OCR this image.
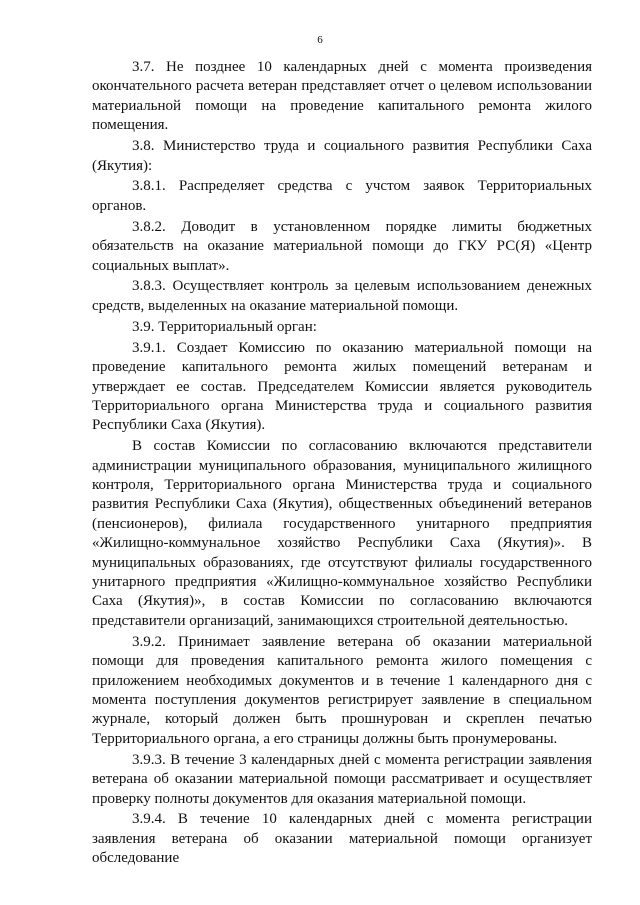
6

3.7. Не позднее 10 календарных дней с момента произведения окончательного расчета ветеран представляет отчет о целевом использовании материальной помощи на проведение капитального ремонта жилого помещения.

3.8. Министерство труда и социального развития Республики Саха (Якутия):

3.8.1. Распределяет средства с учстом заявок Территориальных органов.

3.8.2. Доводит в установленном порядке лимиты бюджетных обязательств на оказание материальной помощи до ГКУ РС(Я) «Центр социальных выплат».

3.8.3. Осуществляет контроль за целевым использованием денежных средств, выделенных на оказание материальной помощи.

3.9. Территориальный орган:

3.9.1. Создает Комиссию по оказанию материальной помощи на проведение капитального ремонта жилых помещений ветеранам и утверждает ее состав. Председателем Комиссии является руководитель Территориального органа Министерства труда и социального развития Республики Саха (Якутия).

В состав Комиссии по согласованию включаются представители администрации муниципального образования, муниципального жилищного контроля, Территориального органа Министерства труда и социального развития Республики Саха (Якутия), общественных объединений ветеранов (пенсионеров), филиала государственного унитарного предприятия «Жилищно-коммунальное хозяйство Республики Саха (Якутия)». В муниципальных образованиях, где отсутствуют филиалы государственного унитарного предприятия «Жилищно-коммунальное хозяйство Республики Саха (Якутия)», в состав Комиссии по согласованию включаются представители организаций, занимающихся строительной деятельностью.

3.9.2. Принимает заявление ветерана об оказании материальной помощи для проведения капитального ремонта жилого помещения с приложением необходимых документов и в течение 1 календарного дня с момента поступления документов регистрирует заявление в специальном журнале, который должен быть прошнурован и скреплен печатью Территориального органа, а его страницы должны быть пронумерованы.

3.9.3. В течение 3 календарных дней с момента регистрации заявления ветерана об оказании материальной помощи рассматривает и осуществляет проверку полноты документов для оказания материальной помощи.

3.9.4. В течение 10 календарных дней с момента регистрации заявления ветерана об оказании материальной помощи организует обследование
